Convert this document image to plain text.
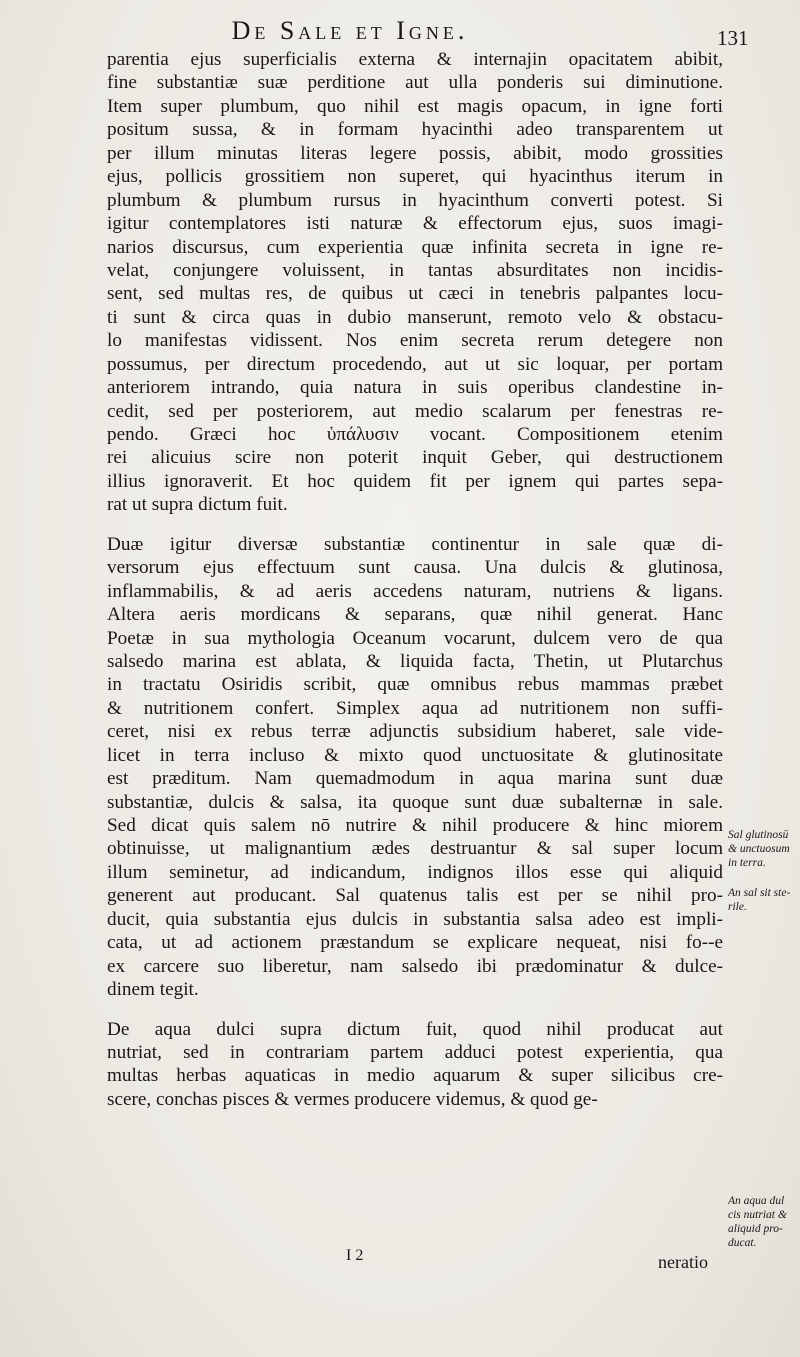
De Sale et Igne.	131
parentia ejus superficialis externa & internajin opacitatem abibit,
fine substantiæ suæ perditione aut ulla ponderis sui diminutione.
Item super plumbum, quo nihil est magis opacum, in igne forti
positum sussa, & in formam hyacinthi adeo transparentem ut
per illum minutas literas legere possis, abibit, modo grossities
ejus, pollicis grossitiem non superet, qui hyacinthus iterum in
plumbum & plumbum rursus in hyacinthum converti potest. Si
igitur contemplatores isti naturæ & effectorum ejus, suos imagi-
narios discursus, cum experientia quæ infinita secreta in igne re-
velat, conjungere voluissent, in tantas absurditates non incidis-
sent, sed multas res, de quibus ut cæci in tenebris palpantes locu-
ti sunt & circa quas in dubio manserunt, remoto velo & obstacu-
lo manifestas vidissent. Nos enim secreta rerum detegere non
possumus, per directum procedendo, aut ut sic loquar, per portam
anteriorem intrando, quia natura in suis operibus clandestine in-
cedit, sed per posteriorem, aut medio scalarum per fenestras re-
pendo. Græci hoc ὑπάλυσιν vocant. Compositionem etenim
rei alicuius scire non poterit inquit Geber, qui destructionem
illius ignoraverit. Et hoc quidem fit per ignem qui partes sepa-
rat ut supra dictum fuit.
Duæ igitur diversæ substantiæ continentur in sale quæ di-
versorum ejus effectuum sunt causa. Una dulcis & glutinosa,
inflammabilis, & ad aeris accedens naturam, nutriens & ligans.
Altera aeris mordicans & separans, quæ nihil generat. Hanc
Poetæ in sua mythologia Oceanum vocarunt, dulcem vero de qua
salsedo marina est ablata, & liquida facta, Thetin, ut Plutarchus
in tractatu Osiridis scribit, quæ omnibus rebus mammas præbet
& nutritionem confert. Simplex aqua ad nutritionem non suffi-
ceret, nisi ex rebus terræ adjunctis subsidium haberet, sale vide-
licet in terra incluso & mixto quod unctuositate & glutinositate
est præditum. Nam quemadmodum in aqua marina sunt duæ
substantiæ, dulcis & salsa, ita quoque sunt duæ subalternæ in sale.
Sed dicat quis salem nō nutrire & nihil producere & hinc miorem
obtinuisse, ut malignantium ædes destruantur & sal super locum
illum seminetur, ad indicandum, indignos illos esse qui aliquid
generent aut producant. Sal quatenus talis est per se nihil pro-
ducit, quia substantia ejus dulcis in substantia salsa adeo est impli-
cata, ut ad actionem præstandum se explicare nequeat, nisi fo--e
ex carcere suo liberetur, nam salsedo ibi prædominatur & dulce-
dinem tegit.
De aqua dulci supra dictum fuit, quod nihil producat aut
nutriat, sed in contrariam partem adduci potest experientia, qua
multas herbas aquaticas in medio aquarum & super silicibus cre-
scere, conchas pisces & vermes producere videmus, & quod ge-
Sal glutinosū
& unctuosum
in terra.
An sal sit ste-
rile.
An aqua dul
cis nutriat &
aliquid pro-
ducat.
I 2	neratio
